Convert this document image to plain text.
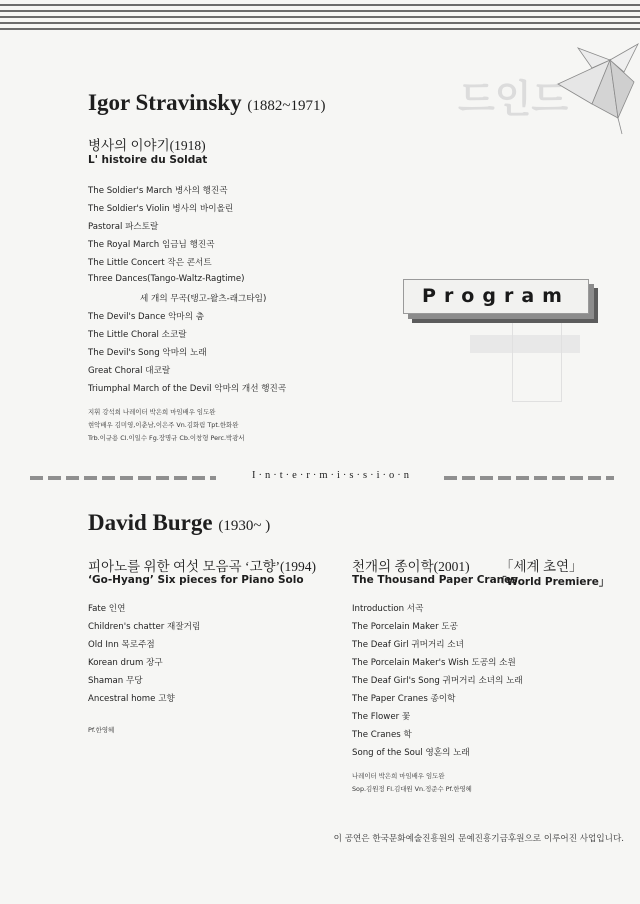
드인드
Igor Stravinsky (1882~1971)
병사의 이야기(1918)
L' histoire du Soldat
The Soldier's March 병사의 행진곡
The Soldier's Violin 병사의 바이올린
Pastoral 파스토랄
The Royal March 임금님 행진곡
The Little Concert 작은 콘서트
Three Dances(Tango-Waltz-Ragtime)
세 개의 무곡(탱고-왈츠-래그타임)
The Devil's Dance 악마의 춤
The Little Choral 소코랄
The Devil's Song 악마의 노래
Great Choral 대코랄
Triumphal March of the Devil 악마의 개선 행진곡
지휘 강석희 나레이터 박은희 마임배우 임도완
현악배우 김미영,이춘남,이은주 Vn.김화림 Tpt.한화완
Trb.이규용 Cl.이일수 Fg.장명규 Cb.이창형 Perc.박광서
Program
I·n·t·e·r·m·i·s·s·i·o·n
David Burge (1930~ )
피아노를 위한 여섯 모음곡 ‘고향’(1994)
‘Go-Hyang’ Six pieces for Piano Solo
Fate 인연
Children's chatter 재잘거림
Old Inn 목로주점
Korean drum 장구
Shaman 무당
Ancestral home 고향
Pf.한영혜
천개의 종이학(2001) 「세계 초연」
The Thousand Paper Cranes
「World Premiere」
Introduction 서곡
The Porcelain Maker 도공
The Deaf Girl 귀머거리 소녀
The Porcelain Maker's Wish 도공의 소원
The Deaf Girl's Song 귀머거리 소녀의 노래
The Paper Cranes 종이학
The Flower 꽃
The Cranes 학
Song of the Soul 영혼의 노래
나레이터 박은희 마임배우 임도완
Sop.김원정 Fl.김대원 Vn.정준수 Pf.한영혜
이 공연은 한국문화예술진흥원의 문예진흥기금후원으로 이루어진 사업입니다.
